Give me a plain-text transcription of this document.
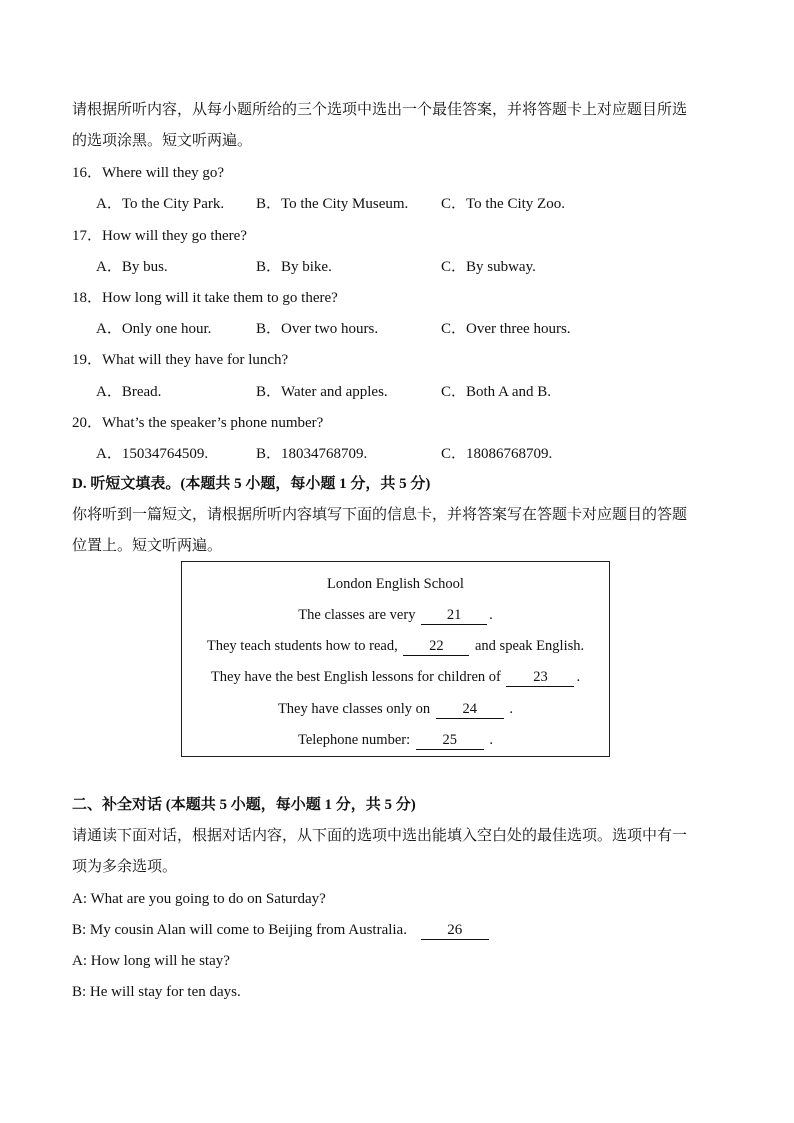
请根据所听内容，从每小题所给的三个选项中选出一个最佳答案，并将答题卡上对应题目所选
的选项涂黑。短文听两遍。
16．Where will they go?
A．To the City Park. B．To the City Museum. C．To the City Zoo.
17．How will they go there?
A．By bus.	B．By bike.	C．By subway.
18．How long will it take them to go there?
A．Only one hour.	B．Over two hours.	C．Over three hours.
19．What will they have for lunch?
A．Bread.	B．Water and apples.	C．Both A and B.
20．What’s the speaker’s phone number?
A．15034764509.	B．18034768709.	C．18086768709.
D. 听短文填表。(本题共 5 小题，每小题 1 分，共 5 分)
你将听到一篇短文，请根据所听内容填写下面的信息卡，并将答案写在答题卡对应题目的答题
位置上。短文听两遍。
London English School
The classes are very 21 .
They teach students how to read, 22 and speak English.
They have the best English lessons for children of 23 .
They have classes only on 24 .
Telephone number: 25 .
二、补全对话 (本题共 5 小题，每小题 1 分，共 5 分)
请通读下面对话，根据对话内容，从下面的选项中选出能填入空白处的最佳选项。选项中有一
项为多余选项。
A: What are you going to do on Saturday?
B: My cousin Alan will come to Beijing from Australia.	26
A: How long will he stay?
B: He will stay for ten days.
